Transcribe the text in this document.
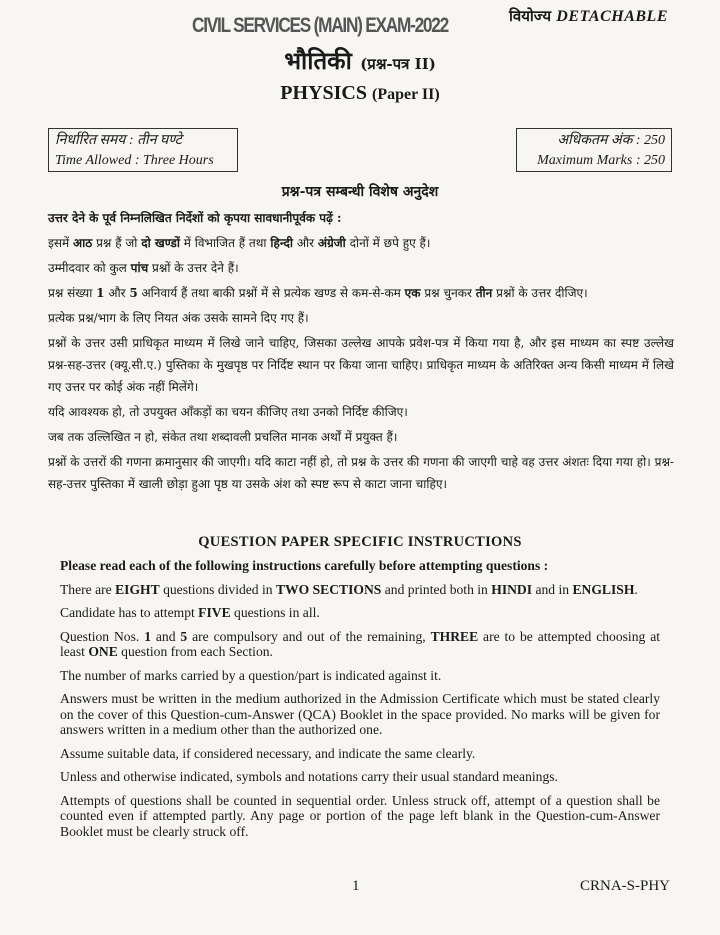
CIVIL SERVICES (MAIN) EXAM-2022	वियोज्य DETACHABLE
भौतिकी (प्रश्न-पत्र II)
PHYSICS (Paper II)
निर्धारित समय : तीन घण्टे
Time Allowed : Three Hours
अधिकतम अंक : 250
Maximum Marks : 250
प्रश्न-पत्र सम्बन्धी विशेष अनुदेश

उत्तर देने के पूर्व निम्नलिखित निर्देशों को कृपया सावधानीपूर्वक पढ़ें :

इसमें आठ प्रश्न हैं जो दो खण्डों में विभाजित हैं तथा हिन्दी और अंग्रेजी दोनों में छपे हुए हैं।

उम्मीदवार को कुल पांच प्रश्नों के उत्तर देने हैं।

प्रश्न संख्या 1 और 5 अनिवार्य हैं तथा बाकी प्रश्नों में से प्रत्येक खण्ड से कम-से-कम एक प्रश्न चुनकर तीन प्रश्नों के उत्तर दीजिए।

प्रत्येक प्रश्न/भाग के लिए नियत अंक उसके सामने दिए गए हैं।

प्रश्नों के उत्तर उसी प्राधिकृत माध्यम में लिखे जाने चाहिए, जिसका उल्लेख आपके प्रवेश-पत्र में किया गया है, और इस माध्यम का स्पष्ट उल्लेख प्रश्न-सह-उत्तर (क्यू.सी.ए.) पुस्तिका के मुखपृष्ठ पर निर्दिष्ट स्थान पर किया जाना चाहिए। प्राधिकृत माध्यम के अतिरिक्त अन्य किसी माध्यम में लिखे गए उत्तर पर कोई अंक नहीं मिलेंगे।

यदि आवश्यक हो, तो उपयुक्त आँकड़ों का चयन कीजिए तथा उनको निर्दिष्ट कीजिए।

जब तक उल्लिखित न हो, संकेत तथा शब्दावली प्रचलित मानक अर्थों में प्रयुक्त हैं।

प्रश्नों के उत्तरों की गणना क्रमानुसार की जाएगी। यदि काटा नहीं हो, तो प्रश्न के उत्तर की गणना की जाएगी चाहे वह उत्तर अंशतः दिया गया हो। प्रश्न-सह-उत्तर पुस्तिका में खाली छोड़ा हुआ पृष्ठ या उसके अंश को स्पष्ट रूप से काटा जाना चाहिए।

QUESTION PAPER SPECIFIC INSTRUCTIONS

Please read each of the following instructions carefully before attempting questions :

There are EIGHT questions divided in TWO SECTIONS and printed both in HINDI and in ENGLISH.

Candidate has to attempt FIVE questions in all.

Question Nos. 1 and 5 are compulsory and out of the remaining, THREE are to be attempted choosing at least ONE question from each Section.

The number of marks carried by a question/part is indicated against it.

Answers must be written in the medium authorized in the Admission Certificate which must be stated clearly on the cover of this Question-cum-Answer (QCA) Booklet in the space provided. No marks will be given for answers written in a medium other than the authorized one.

Assume suitable data, if considered necessary, and indicate the same clearly.

Unless and otherwise indicated, symbols and notations carry their usual standard meanings.

Attempts of questions shall be counted in sequential order. Unless struck off, attempt of a question shall be counted even if attempted partly. Any page or portion of the page left blank in the Question-cum-Answer Booklet must be clearly struck off.

1	CRNA-S-PHY
